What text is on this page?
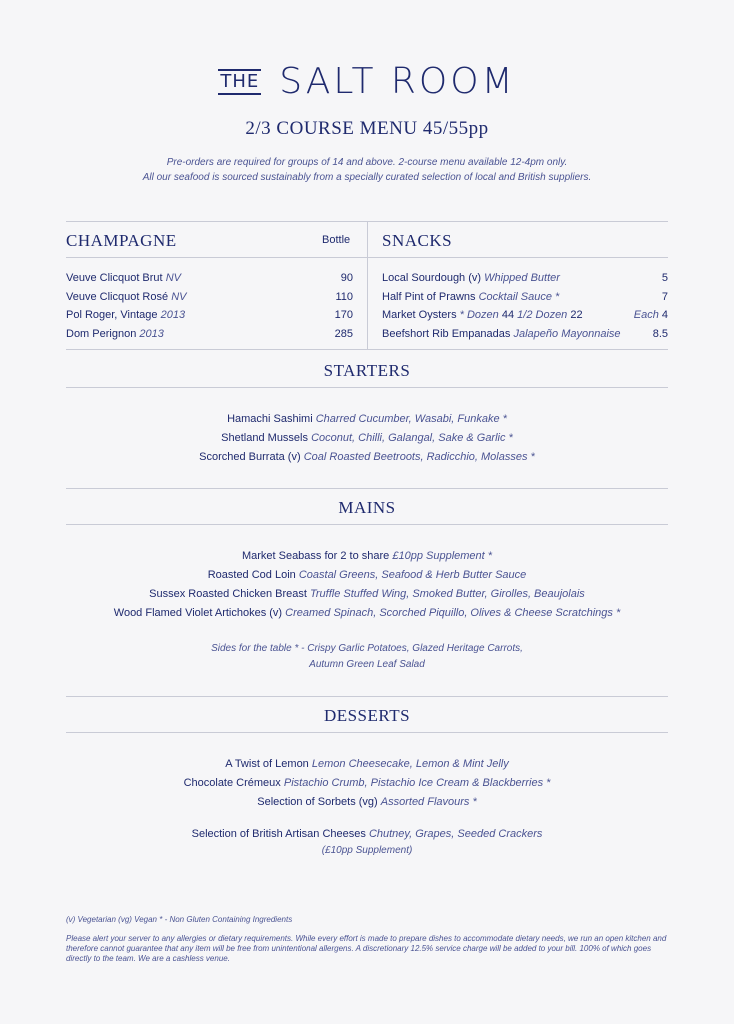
THE SALT ROOM
2/3 COURSE MENU 45/55pp
Pre-orders are required for groups of 14 and above. 2-course menu available 12-4pm only.
All our seafood is sourced sustainably from a specially curated selection of local and British suppliers.
CHAMPAGNE	Bottle SNACKS
Veuve Clicquot Brut NV	90
Veuve Clicquot Rosé NV	110
Pol Roger, Vintage 2013	170
Dom Perignon 2013	285
Local Sourdough (v) Whipped Butter	5
Half Pint of Prawns Cocktail Sauce *	7
Market Oysters * Dozen 44 1/2 Dozen 22	Each 4
Beefshort Rib Empanadas Jalapeño Mayonnaise	8.5
STARTERS
Hamachi Sashimi Charred Cucumber, Wasabi, Funkake *
Shetland Mussels Coconut, Chilli, Galangal, Sake & Garlic *
Scorched Burrata (v) Coal Roasted Beetroots, Radicchio, Molasses *
MAINS
Market Seabass for 2 to share £10pp Supplement *
Roasted Cod Loin Coastal Greens, Seafood & Herb Butter Sauce
Sussex Roasted Chicken Breast Truffle Stuffed Wing, Smoked Butter, Girolles, Beaujolais
Wood Flamed Violet Artichokes (v) Creamed Spinach, Scorched Piquillo, Olives & Cheese Scratchings *
Sides for the table * - Crispy Garlic Potatoes, Glazed Heritage Carrots,
Autumn Green Leaf Salad
DESSERTS
A Twist of Lemon Lemon Cheesecake, Lemon & Mint Jelly
Chocolate Crémeux Pistachio Crumb, Pistachio Ice Cream & Blackberries *
Selection of Sorbets (vg) Assorted Flavours *
Selection of British Artisan Cheeses Chutney, Grapes, Seeded Crackers
(£10pp Supplement)
(v) Vegetarian (vg) Vegan * - Non Gluten Containing Ingredients
Please alert your server to any allergies or dietary requirements. While every effort is made to prepare dishes to accommodate dietary needs, we run an open kitchen and therefore cannot guarantee that any item will be free from unintentional allergens. A discretionary 12.5% service charge will be added to your bill. 100% of which goes directly to the team. We are a cashless venue.
